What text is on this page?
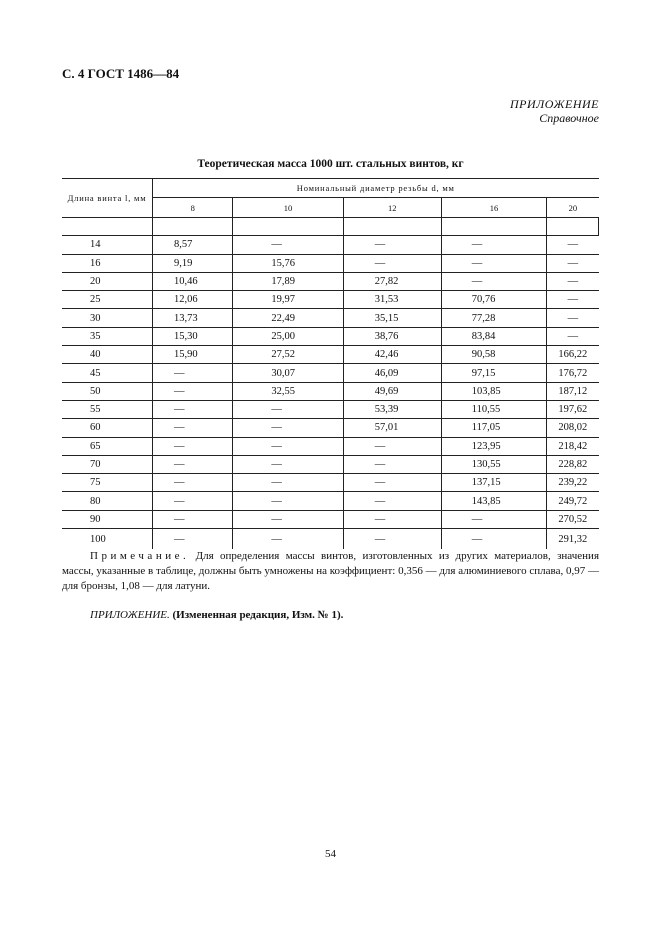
С. 4 ГОСТ 1486—84
ПРИЛОЖЕНИЕ
Справочное
Теоретическая масса 1000 шт. стальных винтов, кг
Длина винта l, мм	Номинальный диаметр резьбы d, мм				
	8	10	12	16	20

14	8,57	—	—	—	—
16	9,19	15,76	—	—	—
20	10,46	17,89	27,82	—	—
25	12,06	19,97	31,53	70,76	—
30	13,73	22,49	35,15	77,28	—
35	15,30	25,00	38,76	83,84	—
40	15,90	27,52	42,46	90,58	166,22
45	—	30,07	46,09	97,15	176,72
50	—	32,55	49,69	103,85	187,12
55	—	—	53,39	110,55	197,62
60	—	—	57,01	117,05	208,02
65	—	—	—	123,95	218,42
70	—	—	—	130,55	228,82
75	—	—	—	137,15	239,22
80	—	—	—	143,85	249,72
90	—	—	—	—	270,52
100	—	—	—	—	291,32
Примечание. Для определения массы винтов, изготовленных из других материалов, значения массы, указанные в таблице, должны быть умножены на коэффициент: 0,356 — для алюминиевого сплава, 0,97 — для бронзы, 1,08 — для латуни.
ПРИЛОЖЕНИЕ. (Измененная редакция, Изм. № 1).
54
